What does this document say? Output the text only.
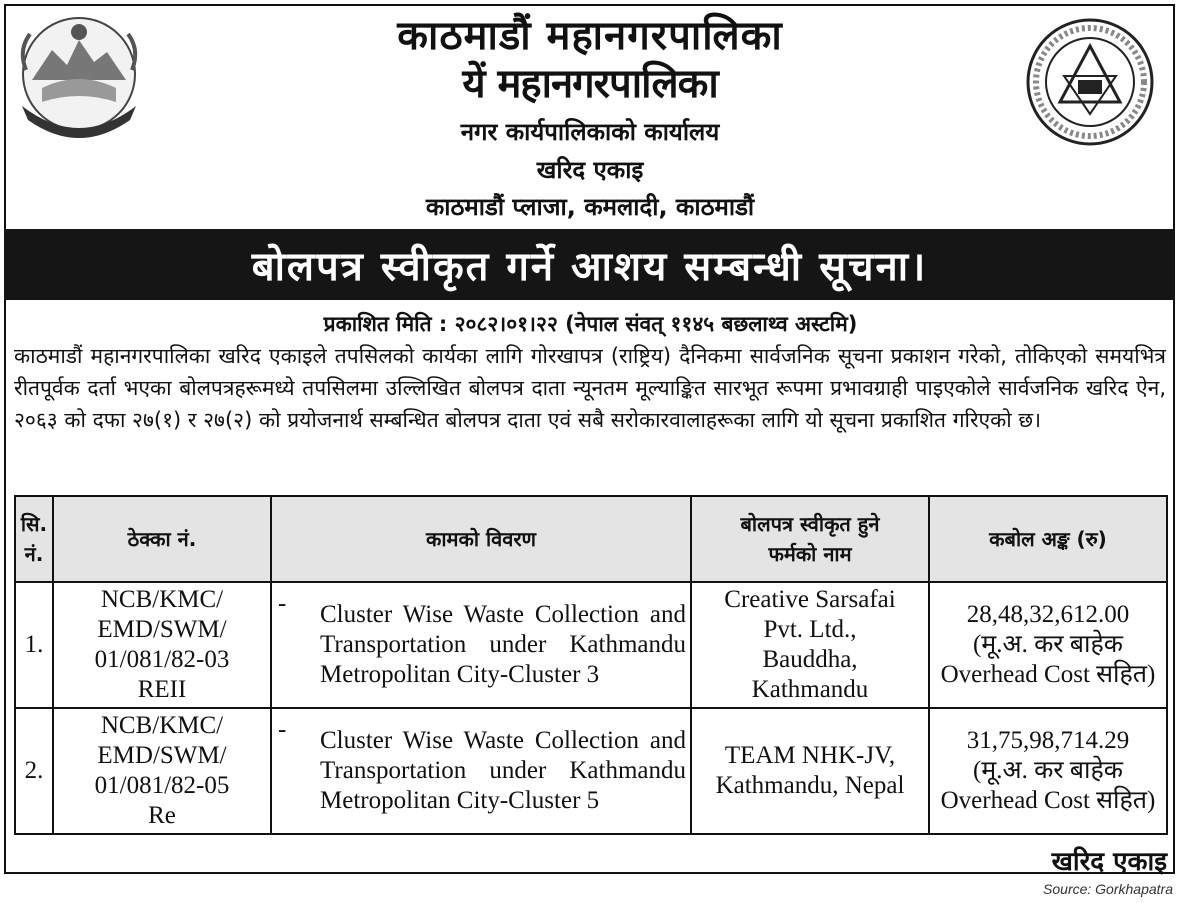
काठमाडौं महानगरपालिका
यें महानगरपालिका
नगर कार्यपालिकाको कार्यालय
खरिद एकाइ
काठमाडौं प्लाजा, कमलादी, काठमाडौं
बोलपत्र स्वीकृत गर्ने आशय सम्बन्धी सूचना।
प्रकाशित मिति : २०८२।०१।२२ (नेपाल संवत् ११४५ बछलाथ्व अस्टमि)
काठमाडौं महानगरपालिका खरिद एकाइले तपसिलको कार्यका लागि गोरखापत्र (राष्ट्रिय) दैनिकमा सार्वजनिक सूचना प्रकाशन गरेको, तोकिएको समयभित्र रीतपूर्वक दर्ता भएका बोलपत्रहरूमध्ये तपसिलमा उल्लिखित बोलपत्र दाता न्यूनतम मूल्याङ्कित सारभूत रूपमा प्रभावग्राही पाइएकोले सार्वजनिक खरिद ऐन, २०६३ को दफा २७(१) र २७(२) को प्रयोजनार्थ सम्बन्धित बोलपत्र दाता एवं सबै सरोकारवालाहरूका लागि यो सूचना प्रकाशित गरिएको छ।
सि.
नं.	ठेक्का नं.	कामको विवरण	बोलपत्र स्वीकृत हुने
फर्मको नाम	कबोल अङ्क (रु)
1.	NCB/KMC/
EMD/SWM/
01/081/82-03
REII	- Cluster Wise Waste Collection and Transportation under Kathmandu Metropolitan City-Cluster 3	Creative Sarsafai
Pvt. Ltd.,
Bauddha,
Kathmandu	28,48,32,612.00
(मू.अ. कर बाहेक
Overhead Cost सहित)
2.	NCB/KMC/
EMD/SWM/
01/081/82-05
Re	- Cluster Wise Waste Collection and Transportation under Kathmandu Metropolitan City-Cluster 5	TEAM NHK-JV,
Kathmandu, Nepal	31,75,98,714.29
(मू.अ. कर बाहेक
Overhead Cost सहित)
खरिद एकाइ
Source: Gorkhapatra
